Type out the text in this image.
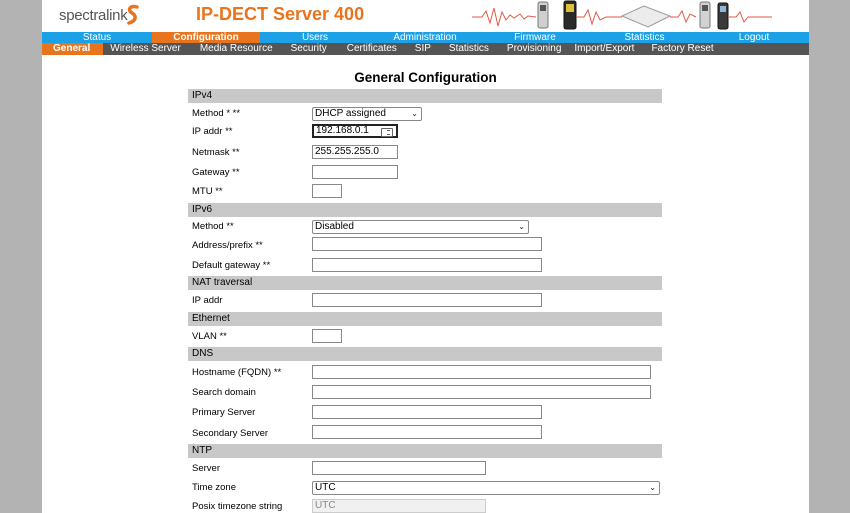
spectralink	IP-DECT Server 400
Status	Configuration	Users	Administration	Firmware	Statistics	Logout
General	Wireless Server	Media Resource	Security	Certificates	SIP	Statistics	Provisioning	Import/Export	Factory Reset
General Configuration
IPv4
Method * **	DHCP assigned	⌄
IP addr **	192.168.0.1
Netmask **	255.255.255.0
Gateway **
MTU **
IPv6
Method **	Disabled	⌄
Address/prefix **
Default gateway **
NAT traversal
IP addr
Ethernet
VLAN **
DNS
Hostname (FQDN) **
Search domain
Primary Server
Secondary Server
NTP
Server
Time zone	UTC	⌄
Posix timezone string	UTC
